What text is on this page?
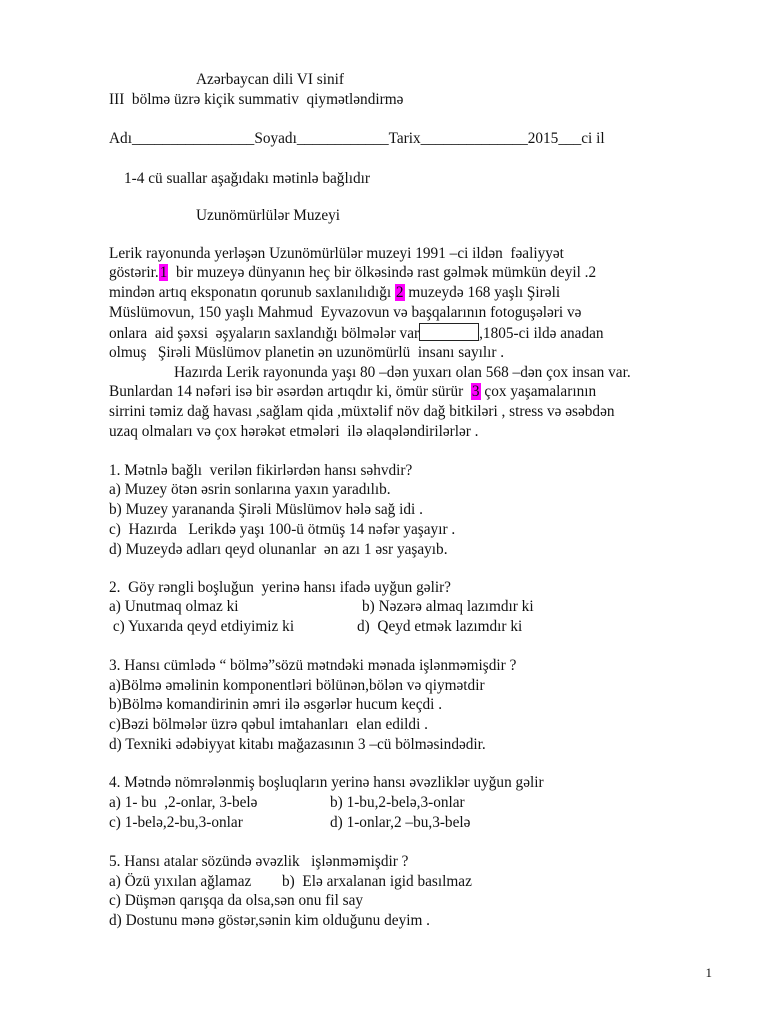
Azərbaycan dili VI sinif
III  bölmə üzrə kiçik summativ  qiymətləndirmə
Adı________________Soyadı____________Tarix______________2015___ci il
1-4 cü suallar aşağıdakı mətinlə bağlıdır
Uzunömürlülər Muzeyi
Lerik rayonunda yerləşən Uzunömürlülər muzeyi 1991 –ci ildən  fəaliyyət
göstərir.1  bir muzeyə dünyanın heç bir ölkəsində rast gəlmək mümkün deyil .2
mindən artıq eksponatın qorunub saxlanılıdığı 2 muzeydə 168 yaşlı Şirəli
Müslümovun, 150 yaşlı Mahmud  Eyvazovun və başqalarının fotoguşələri və
onlara  aid şəxsi  əşyaların saxlandığı bölmələr var	,1805-ci ildə anadan
olmuş   Şirəli Müslümov planetin ən uzunömürlü  insanı sayılır .
Hazırda Lerik rayonunda yaşı 80 –dən yuxarı olan 568 –dən çox insan var.
Bunlardan 14 nəfəri isə bir əsərdən artıqdır ki, ömür sürür  3 çox yaşamalarının
sirrini təmiz dağ havası ,sağlam qida ,müxtəlif növ dağ bitkiləri , stress və əsəbdən
uzaq olmaları və çox hərəkət etmələri  ilə əlaqələndirilərlər .
1. Mətnlə bağlı  verilən fikirlərdən hansı səhvdir?
a) Muzey ötən əsrin sonlarına yaxın yaradılıb.
b) Muzey yarananda Şirəli Müslümov hələ sağ idi .
c)  Hazırda   Lerikdə yaşı 100-ü ötmüş 14 nəfər yaşayır .
d) Muzeydə adları qeyd olunanlar  ən azı 1 əsr yaşayıb.
2.  Göy rəngli boşluğun  yerinə hansı ifadə uyğun gəlir?
a) Unutmaq olmaz ki	b) Nəzərə almaq lazımdır ki
c) Yuxarıda qeyd etdiyimiz ki	d)  Qeyd etmək lazımdır ki
3. Hansı cümlədə “ bölmə”sözü mətndəki mənada işlənməmişdir ?
a)Bölmə əməlinin komponentləri bölünən,bölən və qiymətdir
b)Bölmə komandirinin əmri ilə əsgərlər hucum keçdi .
c)Bəzi bölmələr üzrə qəbul imtahanları  elan edildi .
d) Texniki ədəbiyyat kitabı mağazasının 3 –cü bölməsindədir.
4. Mətndə nömrələnmiş boşluqların yerinə hansı əvəzliklər uyğun gəlir
a) 1- bu  ,2-onlar, 3-belə	b) 1-bu,2-belə,3-onlar
c) 1-belə,2-bu,3-onlar	d) 1-onlar,2 –bu,3-belə
5. Hansı atalar sözündə əvəzlik   işlənməmişdir ?
a) Özü yıxılan ağlamaz b)  Elə arxalanan igid basılmaz
c) Düşmən qarışqa da olsa,sən onu fil say
d) Dostunu mənə göstər,sənin kim olduğunu deyim .
1
